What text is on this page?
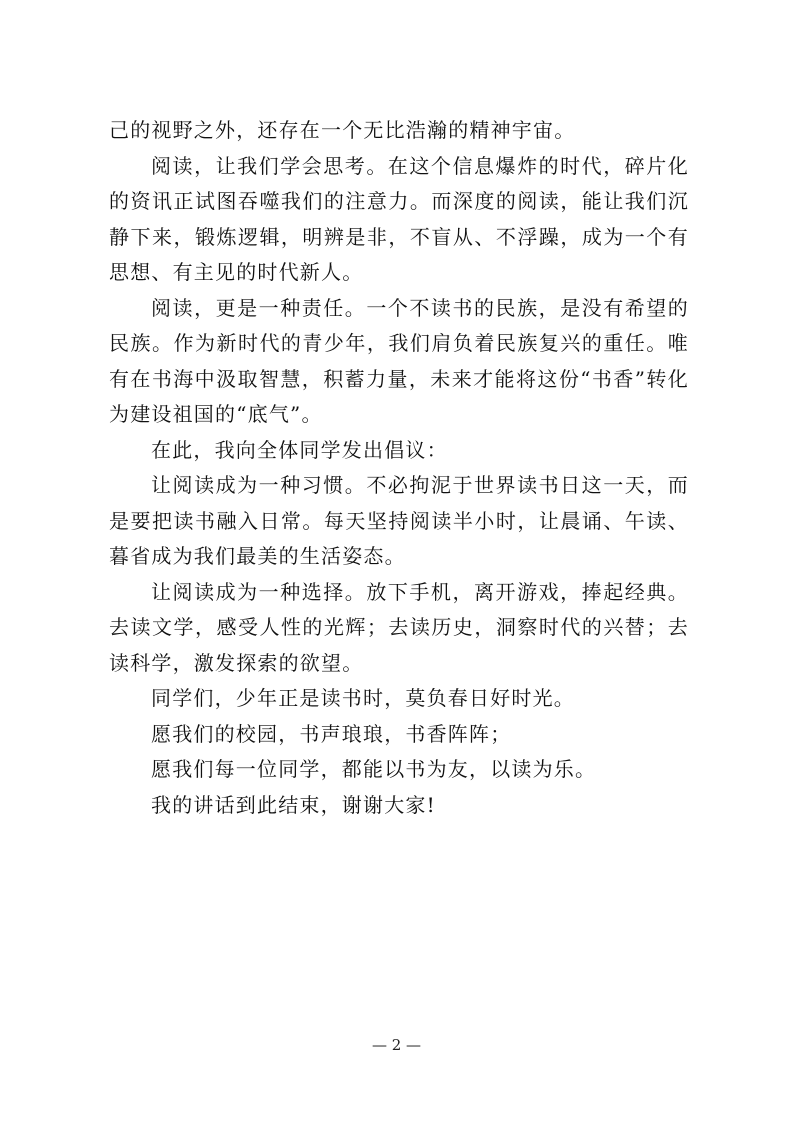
己的视野之外，还存在一个无比浩瀚的精神宇宙。

阅读，让我们学会思考。在这个信息爆炸的时代，碎片化的资讯正试图吞噬我们的注意力。而深度的阅读，能让我们沉静下来，锻炼逻辑，明辨是非，不盲从、不浮躁，成为一个有思想、有主见的时代新人。

阅读，更是一种责任。一个不读书的民族，是没有希望的民族。作为新时代的青少年，我们肩负着民族复兴的重任。唯有在书海中汲取智慧，积蓄力量，未来才能将这份“书香”转化为建设祖国的“底气”。

在此，我向全体同学发出倡议：

让阅读成为一种习惯。不必拘泥于世界读书日这一天，而是要把读书融入日常。每天坚持阅读半小时，让晨诵、午读、暮省成为我们最美的生活姿态。

让阅读成为一种选择。放下手机，离开游戏，捧起经典。去读文学，感受人性的光辉；去读历史，洞察时代的兴替；去读科学，激发探索的欲望。

同学们，少年正是读书时，莫负春日好时光。

愿我们的校园，书声琅琅，书香阵阵；

愿我们每一位同学，都能以书为友，以读为乐。

我的讲话到此结束，谢谢大家!

— 2 —
